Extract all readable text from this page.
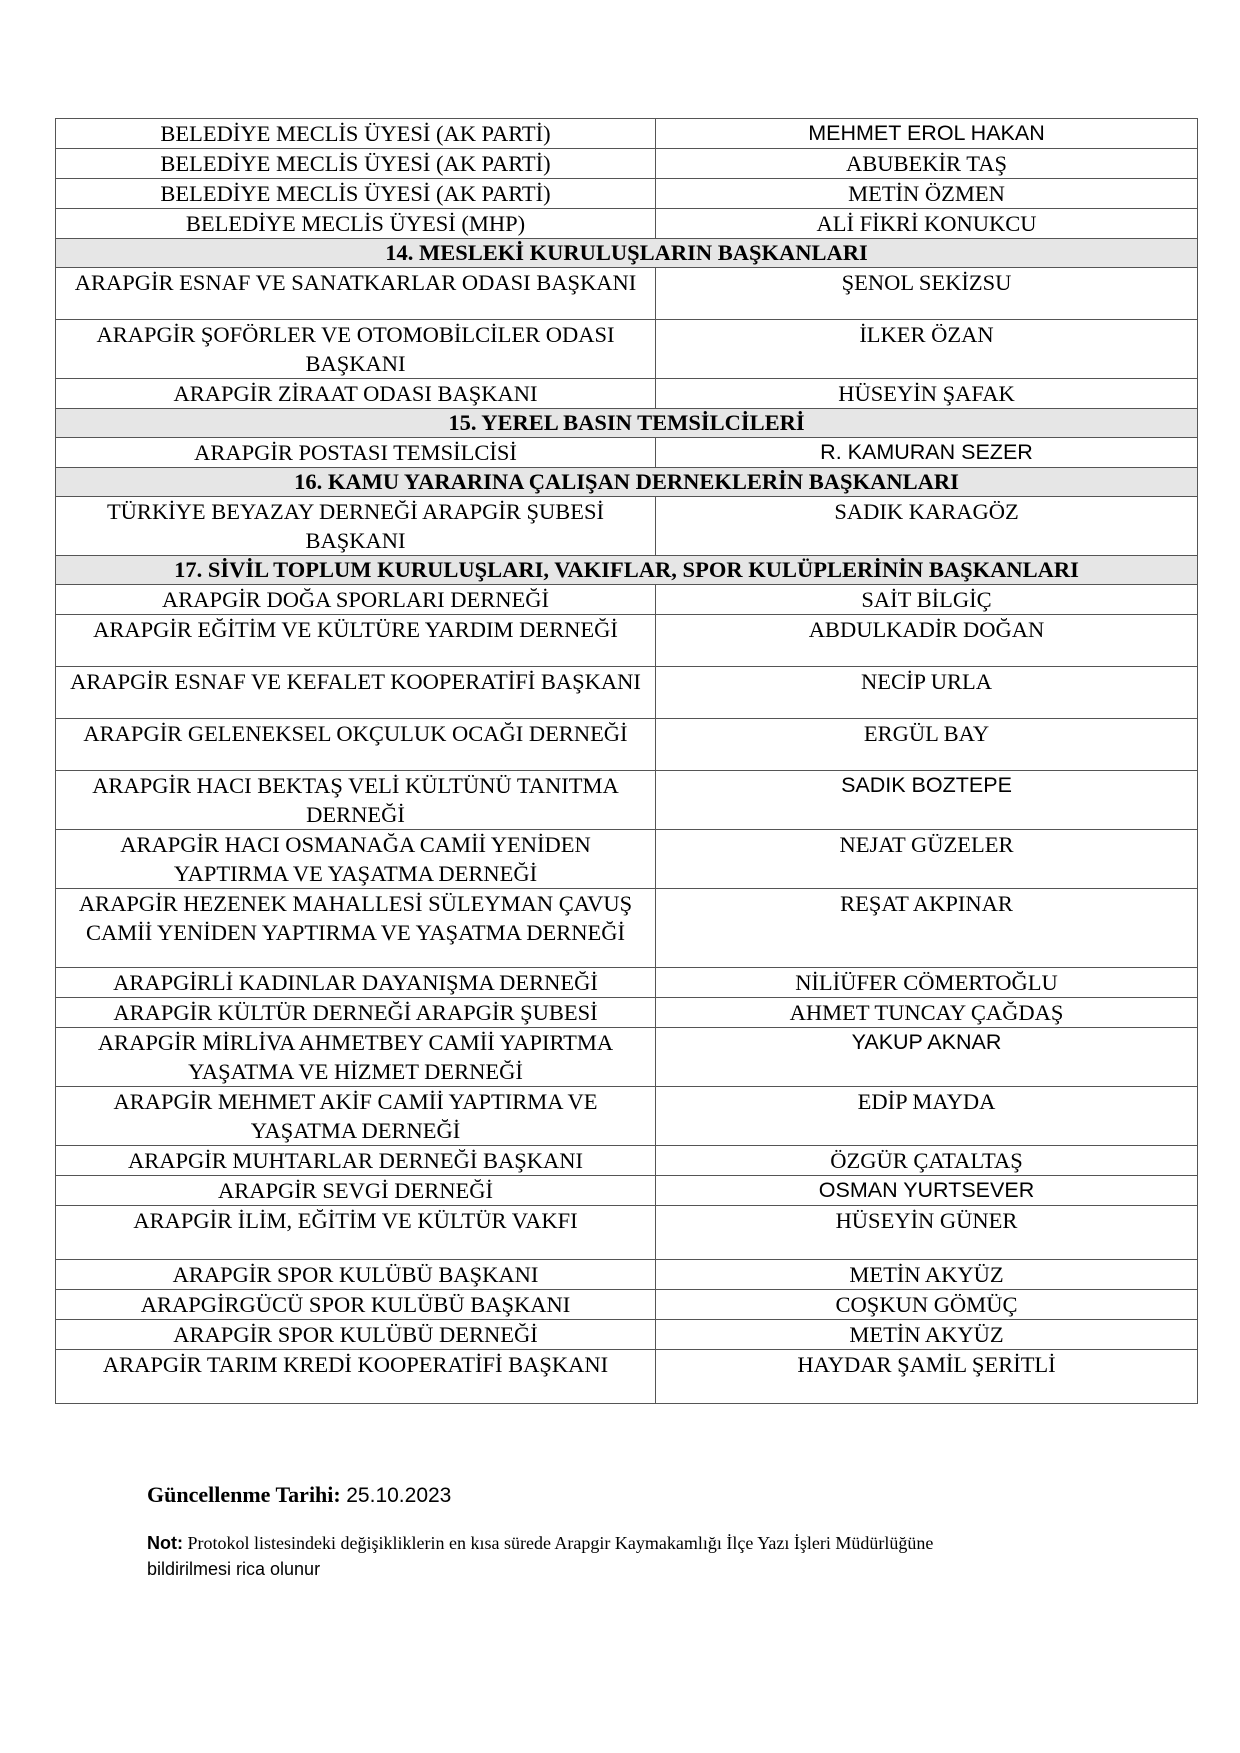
BELEDİYE MECLİS ÜYESİ (AK PARTİ)	MEHMET EROL HAKAN
BELEDİYE MECLİS ÜYESİ (AK PARTİ)	ABUBEKİR TAŞ
BELEDİYE MECLİS ÜYESİ (AK PARTİ)	METİN ÖZMEN
BELEDİYE MECLİS ÜYESİ (MHP)	ALİ FİKRİ KONUKCU
14. MESLEKİ KURULUŞLARIN BAŞKANLARI	
ARAPGİR ESNAF VE SANATKARLAR ODASI BAŞKANI	ŞENOL SEKİZSU
ARAPGİR ŞOFÖRLER VE OTOMOBİLCİLER ODASI BAŞKANI	İLKER ÖZAN
ARAPGİR ZİRAAT ODASI BAŞKANI	HÜSEYİN ŞAFAK
15. YEREL BASIN TEMSİLCİLERİ	
ARAPGİR POSTASI TEMSİLCİSİ	R. KAMURAN SEZER
16. KAMU YARARINA ÇALIŞAN DERNEKLERİN BAŞKANLARI	
TÜRKİYE BEYAZAY DERNEĞİ ARAPGİR ŞUBESİ BAŞKANI	SADIK KARAGÖZ
17. SİVİL TOPLUM KURULUŞLARI, VAKIFLAR, SPOR KULÜPLERİNİN BAŞKANLARI	
ARAPGİR DOĞA SPORLARI DERNEĞİ	SAİT BİLGİÇ
ARAPGİR EĞİTİM VE KÜLTÜRE YARDIM DERNEĞİ	ABDULKADİR DOĞAN
ARAPGİR ESNAF VE KEFALET KOOPERATİFİ BAŞKANI	NECİP URLA
ARAPGİR GELENEKSEL OKÇULUK OCAĞI DERNEĞİ	ERGÜL BAY
ARAPGİR HACI BEKTAŞ VELİ KÜLTÜNÜ TANITMA DERNEĞİ	SADIK BOZTEPE
ARAPGİR HACI OSMANAĞA CAMİİ YENİDEN YAPTIRMA VE YAŞATMA DERNEĞİ	NEJAT GÜZELER
ARAPGİR HEZENEK MAHALLESİ SÜLEYMAN ÇAVUŞ CAMİİ YENİDEN YAPTIRMA VE YAŞATMA DERNEĞİ	REŞAT AKPINAR
ARAPGİRLİ KADINLAR DAYANIŞMA DERNEĞİ	NİLİÜFER CÖMERTOĞLU
ARAPGİR KÜLTÜR DERNEĞİ ARAPGİR ŞUBESİ	AHMET TUNCAY ÇAĞDAŞ
ARAPGİR MİRLİVA AHMETBEY CAMİİ YAPIRTMA YAŞATMA VE HİZMET DERNEĞİ	YAKUP AKNAR
ARAPGİR MEHMET AKİF CAMİİ YAPTIRMA VE YAŞATMA DERNEĞİ	EDİP MAYDA
ARAPGİR MUHTARLAR DERNEĞİ BAŞKANI	ÖZGÜR ÇATALTAŞ
ARAPGİR SEVGİ DERNEĞİ	OSMAN YURTSEVER
ARAPGİR İLİM, EĞİTİM VE KÜLTÜR VAKFI	HÜSEYİN GÜNER
ARAPGİR SPOR KULÜBÜ BAŞKANI	METİN AKYÜZ
ARAPGİRGÜCÜ SPOR KULÜBÜ BAŞKANI	COŞKUN GÖMÜÇ
ARAPGİR SPOR KULÜBÜ DERNEĞİ	METİN AKYÜZ
ARAPGİR TARIM KREDİ KOOPERATİFİ BAŞKANI	HAYDAR ŞAMİL ŞERİTLİ
Güncellenme Tarihi: 25.10.2023
Not: Protokol listesindeki değişikliklerin en kısa sürede Arapgir Kaymakamlığı İlçe Yazı İşleri Müdürlüğüne
bildirilmesi rica olunur
